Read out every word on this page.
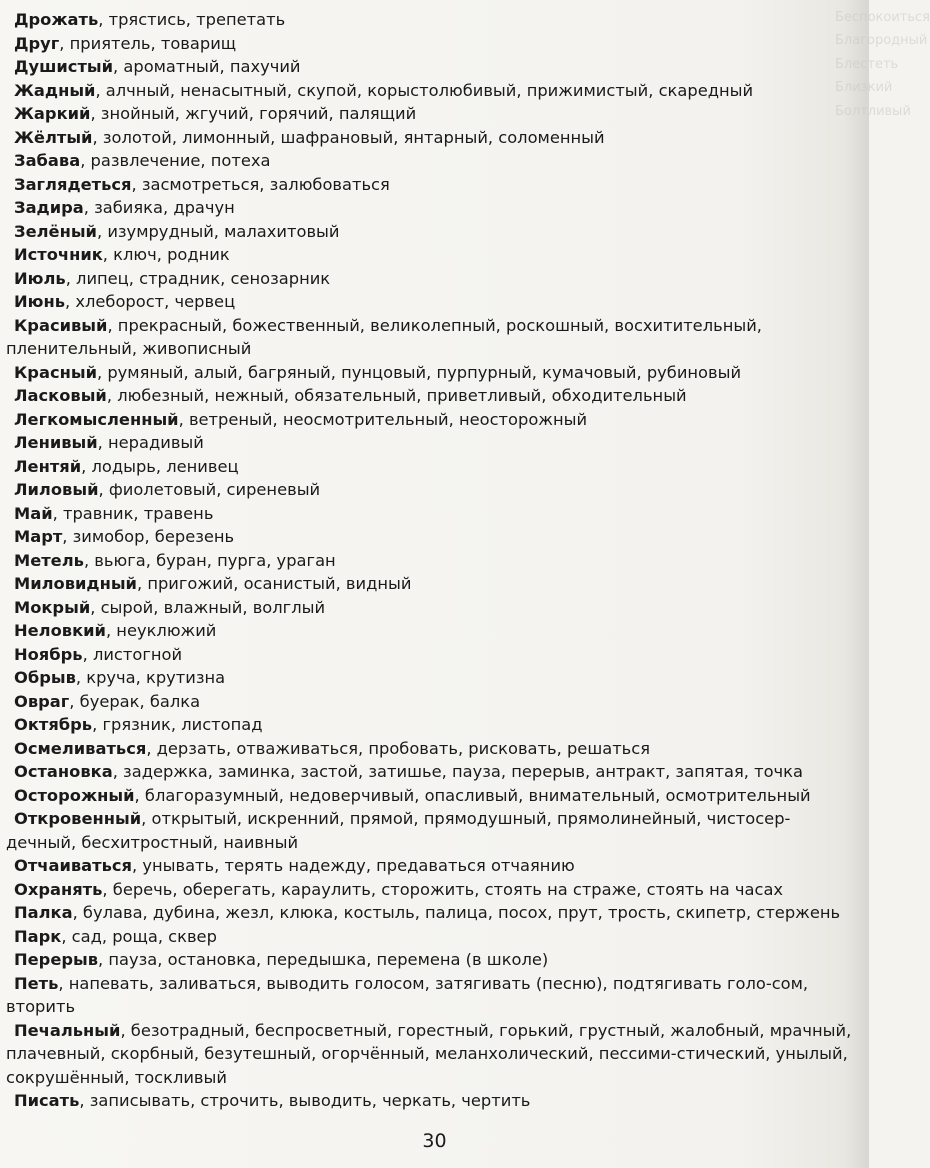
Беспокоиться
Благородный
Блестеть
Близкий
Болтливый
Дрожать, трястись, трепетать
Друг, приятель, товарищ
Душистый, ароматный, пахучий
Жадный, алчный, ненасытный, скупой, корыстолюбивый, прижимистый, скаредный
Жаркий, знойный, жгучий, горячий, палящий
Жёлтый, золотой, лимонный, шафрановый, янтарный, соломенный
Забава, развлечение, потеха
Заглядеться, засмотреться, залюбоваться
Задира, забияка, драчун
Зелёный, изумрудный, малахитовый
Источник, ключ, родник
Июль, липец, страдник, сенозарник
Июнь, хлеборост, червец
Красивый, прекрасный, божественный, великолепный, роскошный, восхитительный, пленительный, живописный
Красный, румяный, алый, багряный, пунцовый, пурпурный, кумачовый, рубиновый
Ласковый, любезный, нежный, обязательный, приветливый, обходительный
Легкомысленный, ветреный, неосмотрительный, неосторожный
Ленивый, нерадивый
Лентяй, лодырь, ленивец
Лиловый, фиолетовый, сиреневый
Май, травник, травень
Март, зимобор, березень
Метель, вьюга, буран, пурга, ураган
Миловидный, пригожий, осанистый, видный
Мокрый, сырой, влажный, волглый
Неловкий, неуклюжий
Ноябрь, листогной
Обрыв, круча, крутизна
Овраг, буерак, балка
Октябрь, грязник, листопад
Осмеливаться, дерзать, отваживаться, пробовать, рисковать, решаться
Остановка, задержка, заминка, застой, затишье, пауза, перерыв, антракт, запятая, точка
Осторожный, благоразумный, недоверчивый, опасливый, внимательный, осмотрительный
Откровенный, открытый, искренний, прямой, прямодушный, прямолинейный, чистосер-дечный, бесхитростный, наивный
Отчаиваться, унывать, терять надежду, предаваться отчаянию
Охранять, беречь, оберегать, караулить, сторожить, стоять на страже, стоять на часах
Палка, булава, дубина, жезл, клюка, костыль, палица, посох, прут, трость, скипетр, стержень
Парк, сад, роща, сквер
Перерыв, пауза, остановка, передышка, перемена (в школе)
Петь, напевать, заливаться, выводить голосом, затягивать (песню), подтягивать голо-сом, вторить
Печальный, безотрадный, беспросветный, горестный, горький, грустный, жалобный, мрачный, плачевный, скорбный, безутешный, огорчённый, меланхолический, пессими-стический, унылый, сокрушённый, тоскливый
Писать, записывать, строчить, выводить, черкать, чертить
30
